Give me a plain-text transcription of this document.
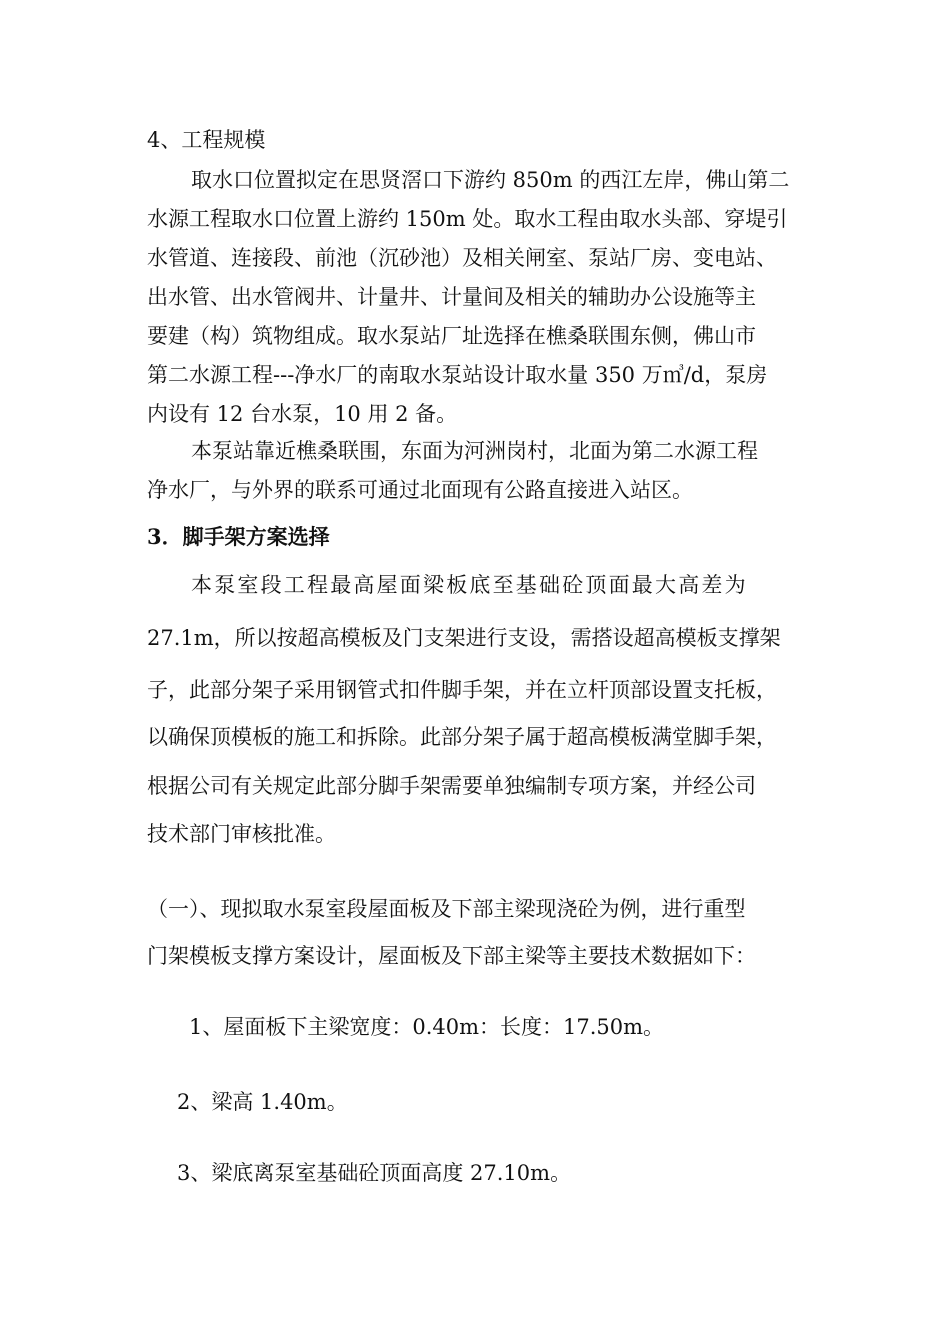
4、工程规模
取水口位置拟定在思贤滘口下游约 850m 的西江左岸，佛山第二
水源工程取水口位置上游约 150m 处。取水工程由取水头部、穿堤引
水管道、连接段、前池（沉砂池）及相关闸室、泵站厂房、变电站、
出水管、出水管阀井、计量井、计量间及相关的辅助办公设施等主
要建（构）筑物组成。取水泵站厂址选择在樵桑联围东侧，佛山市
第二水源工程---净水厂的南取水泵站设计取水量 350 万㎥/d，泵房
内设有 12 台水泵，10 用 2 备。
本泵站靠近樵桑联围，东面为河洲岗村，北面为第二水源工程
净水厂，与外界的联系可通过北面现有公路直接进入站区。
3．脚手架方案选择
本泵室段工程最高屋面梁板底至基础砼顶面最大高差为
27.1m，所以按超高模板及门支架进行支设，需搭设超高模板支撑架
子，此部分架子采用钢管式扣件脚手架，并在立杆顶部设置支托板，
以确保顶模板的施工和拆除。此部分架子属于超高模板满堂脚手架，
根据公司有关规定此部分脚手架需要单独编制专项方案，并经公司
技术部门审核批准。
（一）、现拟取水泵室段屋面板及下部主梁现浇砼为例，进行重型
门架模板支撑方案设计，屋面板及下部主梁等主要技术数据如下：
1、屋面板下主梁宽度：0.40m：长度：17.50m。
2、梁高 1.40m。
3、梁底离泵室基础砼顶面高度 27.10m。
